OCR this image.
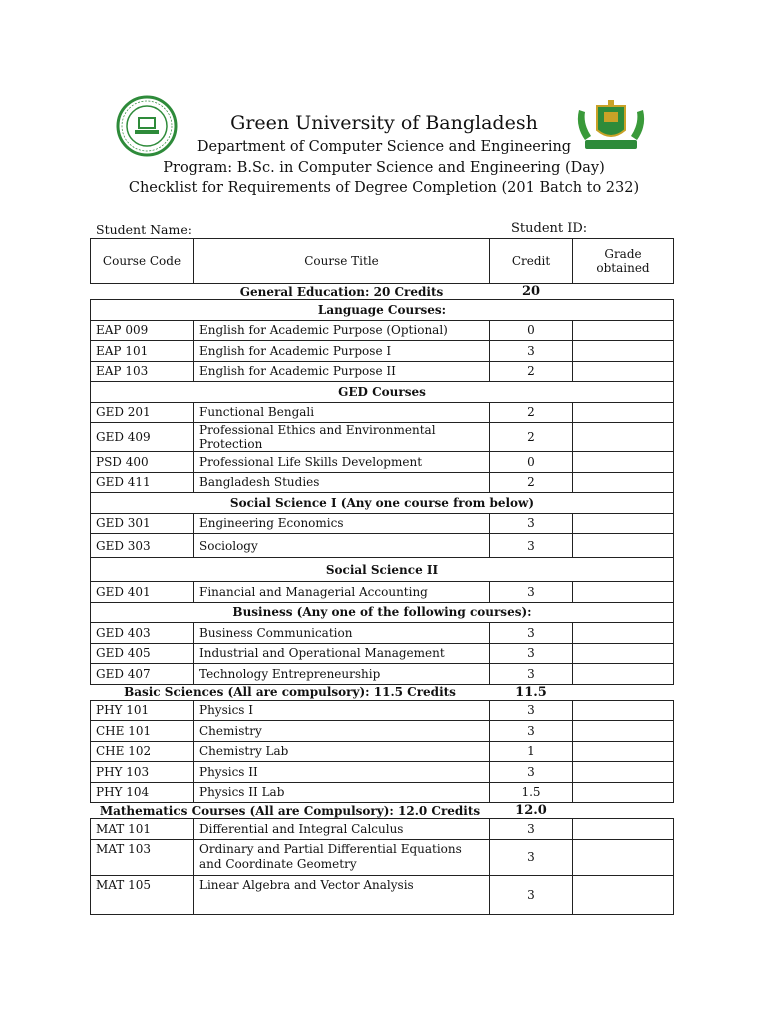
Green University of Bangladesh
Department of Computer Science and Engineering
Program: B.Sc. in Computer Science and Engineering (Day)
Checklist for Requirements of Degree Completion (201 Batch to 232)
Student Name:	Student ID:
Course Code	Course Title	Credit	Grade obtained
	General Education: 20 Credits	20	
Language Courses:			
EAP 009	English for Academic Purpose (Optional)	0	
EAP 101	English for Academic Purpose I	3	
EAP 103	English for Academic Purpose II	2	
GED Courses			
GED 201	Functional Bengali	2	
GED 409	Professional Ethics and Environmental Protection	2	
PSD 400	Professional Life Skills Development	0	
GED 411	Bangladesh Studies	2	
Social Science I (Any one course from below)			
GED 301	Engineering Economics	3	
GED 303	Sociology	3	
Social Science II			
GED 401	Financial and Managerial Accounting	3	
Business (Any one of the following courses):			
GED 403	Business Communication	3	
GED 405	Industrial and Operational Management	3	
GED 407	Technology Entrepreneurship	3	
Basic Sciences (All are compulsory): 11.5 Credits		11.5	
PHY 101	Physics I	3	
CHE 101	Chemistry	3	
CHE 102	Chemistry Lab	1	
PHY 103	Physics II	3	
PHY 104	Physics II Lab	1.5	
Mathematics Courses (All are Compulsory): 12.0 Credits		12.0	
MAT 101	Differential and Integral Calculus	3	
MAT 103	Ordinary and Partial Differential Equations and Coordinate Geometry	3	
MAT 105	Linear Algebra and Vector Analysis	3	
